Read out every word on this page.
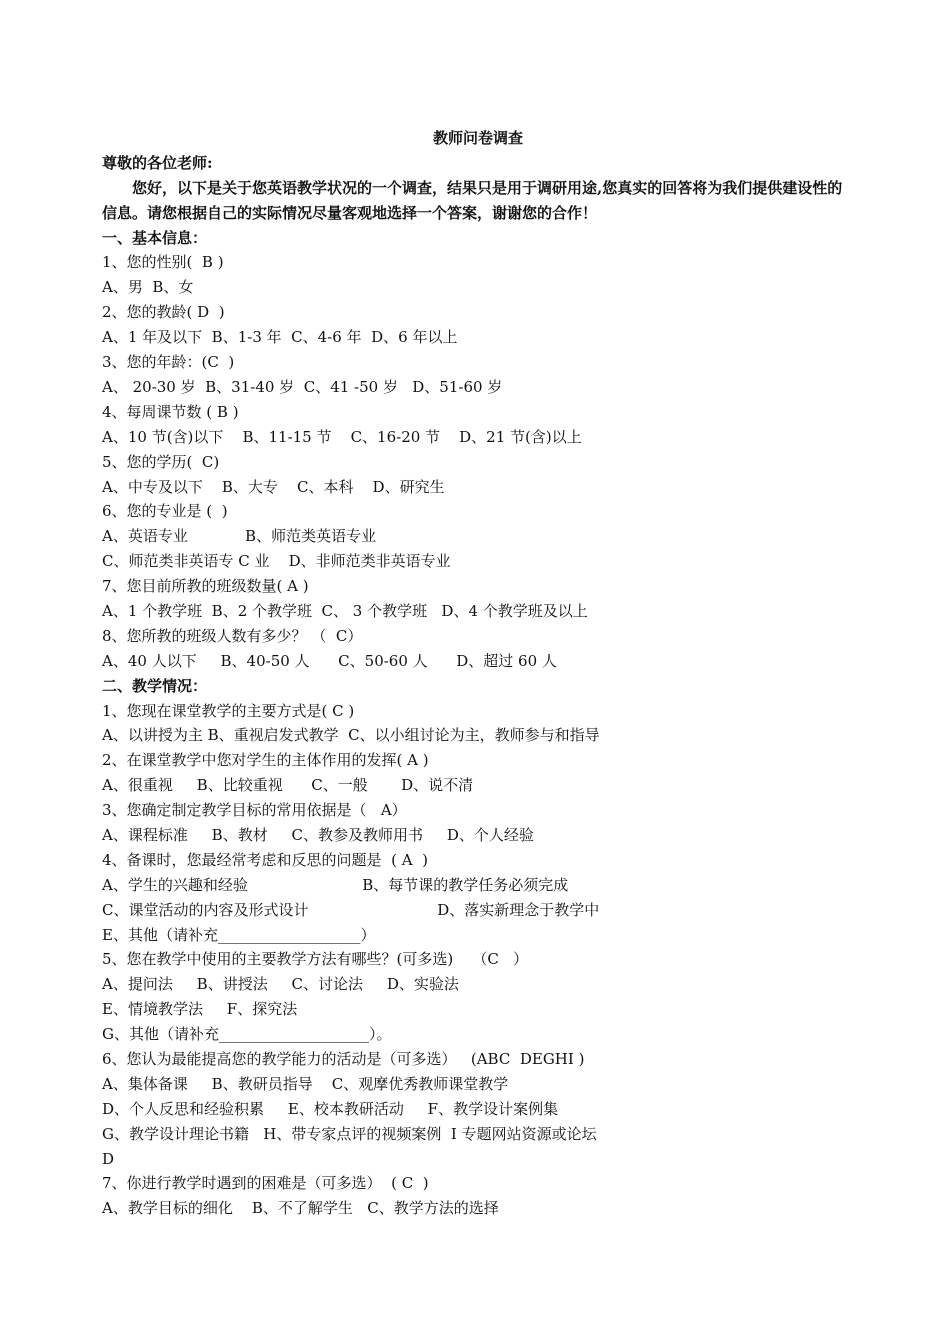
教师问卷调查
尊敬的各位老师:
您好，以下是关于您英语教学状况的一个调查，结果只是用于调研用途,您真实的回答将为我们提供建设性的信息。请您根据自己的实际情况尽量客观地选择一个答案，谢谢您的合作！
一、基本信息：
1、您的性别(  B )
A、男  B、女
2、您的教龄( D  )
A、1 年及以下  B、1-3 年  C、4-6 年  D、6 年以上
3、您的年龄：(C  )
A、 20-30 岁  B、31-40 岁  C、41 -50 岁   D、51-60 岁
4、每周课节数 ( B )
A、10 节(含)以下    B、11-15 节    C、16-20 节    D、21 节(含)以上
5、您的学历(  C)
A、中专及以下    B、大专    C、本科    D、研究生
6、您的专业是 (  )
A、英语专业            B、师范类英语专业
C、师范类非英语专 C 业    D、非师范类非英语专业
7、您目前所教的班级数量( A )
A、1 个教学班  B、2 个教学班  C、 3 个教学班   D、4 个教学班及以上
8、您所教的班级人数有多少？ （  C）
A、40 人以下     B、40-50 人      C、50-60 人      D、超过 60 人
二、教学情况：
1、您现在课堂教学的主要方式是( C )
A、以讲授为主 B、重视启发式教学  C、以小组讨论为主，教师参与和指导
2、在课堂教学中您对学生的主体作用的发挥( A )
A、很重视     B、比较重视      C、一般       D、说不清
3、您确定制定教学目标的常用依据是（   A）
A、课程标准     B、教材     C、教参及教师用书     D、个人经验
4、备课时，您最经常考虑和反思的问题是  ( A  )
A、学生的兴趣和经验                        B、每节课的教学任务必须完成
C、课堂活动的内容及形式设计                           D、落实新理念于教学中
E、其他（请补充___________________）
5、您在教学中使用的主要教学方法有哪些？(可多选)    （C   ）
A、提问法     B、讲授法     C、讨论法     D、实验法
E、情境教学法     F、探究法
G、其他（请补充____________________）。
6、您认为最能提高您的教学能力的活动是（可多选）   (ABC  DEGHI )
A、集体备课     B、教研员指导    C、观摩优秀教师课堂教学
D、个人反思和经验积累     E、校本教研活动     F、教学设计案例集
G、教学设计理论书籍   H、带专家点评的视频案例  I 专题网站资源或论坛
D
7、你进行教学时遇到的困难是（可多选）  ( C  )
A、教学目标的细化    B、不了解学生   C、教学方法的选择
